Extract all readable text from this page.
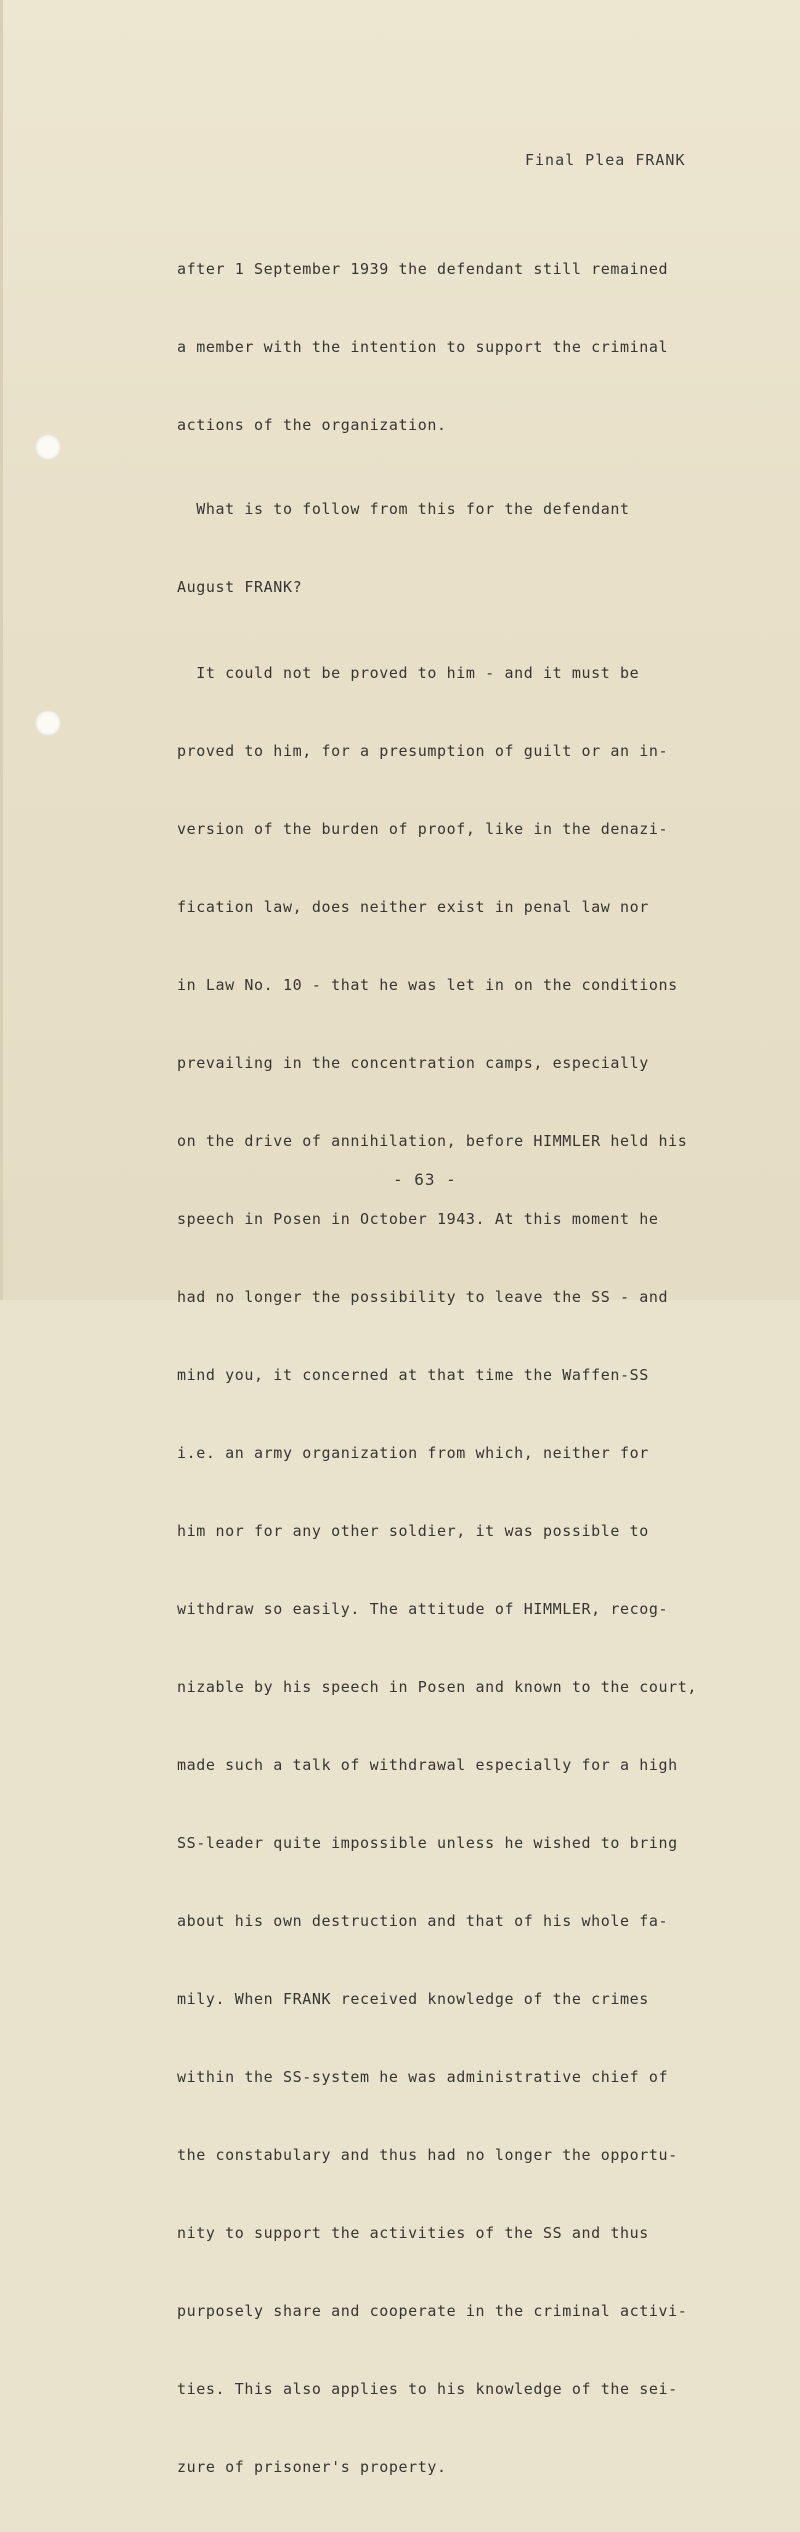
Final Plea FRANK

after 1 September 1939 the defendant still remained

a member with the intention to support the criminal

actions of the organization.

What is to follow from this for the defendant

August FRANK?

It could not be proved to him - and it must be

proved to him, for a presumption of guilt or an in-

version of the burden of proof, like in the denazi-

fication law, does neither exist in penal law nor

in Law No. 10 - that he was let in on the conditions

prevailing in the concentration camps, especially

on the drive of annihilation, before HIMMLER held his

speech in Posen in October 1943. At this moment he

had no longer the possibility to leave the SS - and

mind you, it concerned at that time the Waffen-SS

i.e. an army organization from which, neither for

him nor for any other soldier, it was possible to

withdraw so easily. The attitude of HIMMLER, recog-

nizable by his speech in Posen and known to the court,

made such a talk of withdrawal especially for a high

SS-leader quite impossible unless he wished to bring

about his own destruction and that of his whole fa-

mily. When FRANK received knowledge of the crimes

within the SS-system he was administrative chief of

the constabulary and thus had no longer the opportu-

nity to support the activities of the SS and thus

purposely share and cooperate in the criminal activi-

ties. This also applies to his knowledge of the sei-

zure of prisoner's property.

- 63 -
